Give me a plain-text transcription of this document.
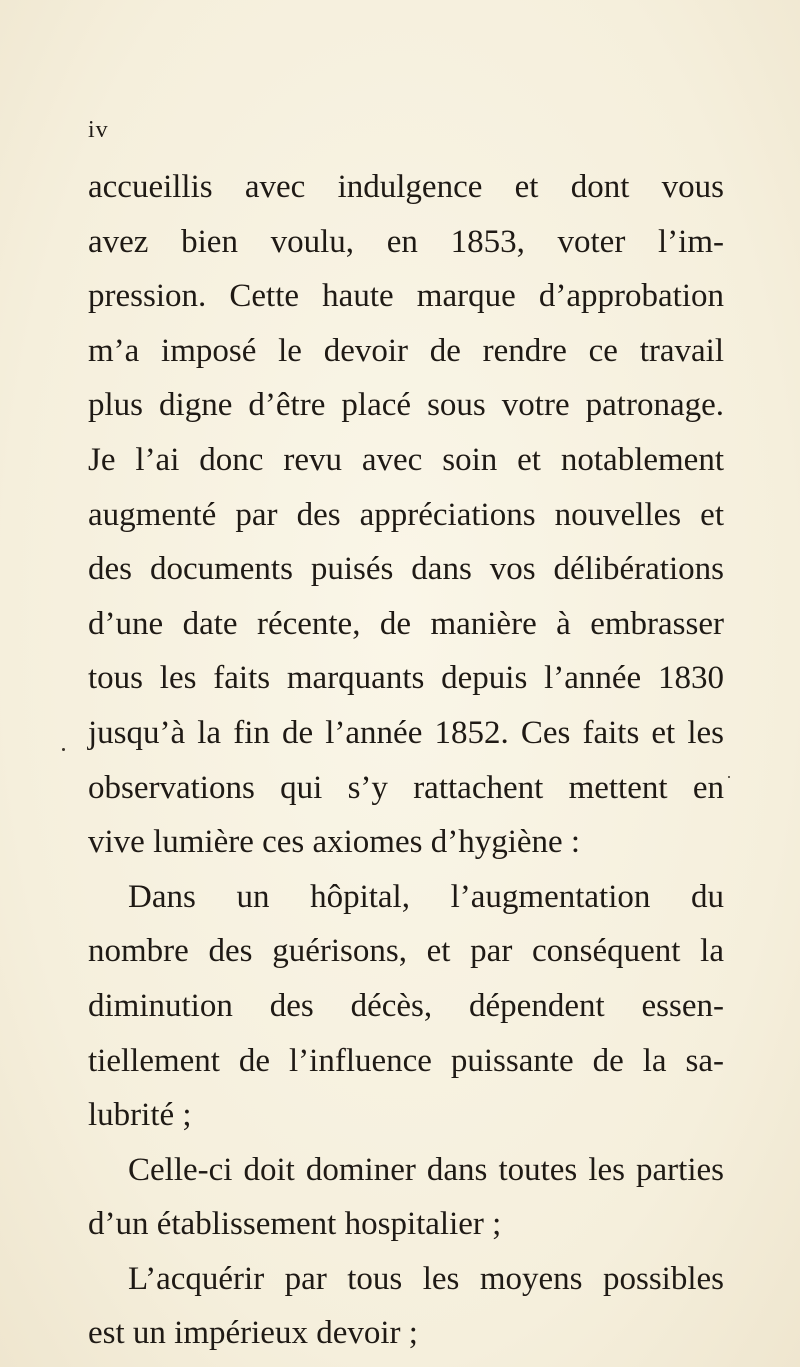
iv
accueillis avec indulgence et dont vous
avez bien voulu, en 1853, voter l’im-
pression. Cette haute marque d’approbation
m’a imposé le devoir de rendre ce travail
plus digne d’être placé sous votre patronage.
Je l’ai donc revu avec soin et notablement
augmenté par des appréciations nouvelles et
des documents puisés dans vos délibérations
d’une date récente, de manière à embrasser
tous les faits marquants depuis l’année 1830
jusqu’à la fin de l’année 1852. Ces faits et les
observations qui s’y rattachent mettent en
vive lumière ces axiomes d’hygiène :
Dans un hôpital, l’augmentation du
nombre des guérisons, et par conséquent la
diminution des décès, dépendent essen-
tiellement de l’influence puissante de la sa-
lubrité ;
Celle-ci doit dominer dans toutes les parties
d’un établissement hospitalier ;
L’acquérir par tous les moyens possibles
est un impérieux devoir ;
